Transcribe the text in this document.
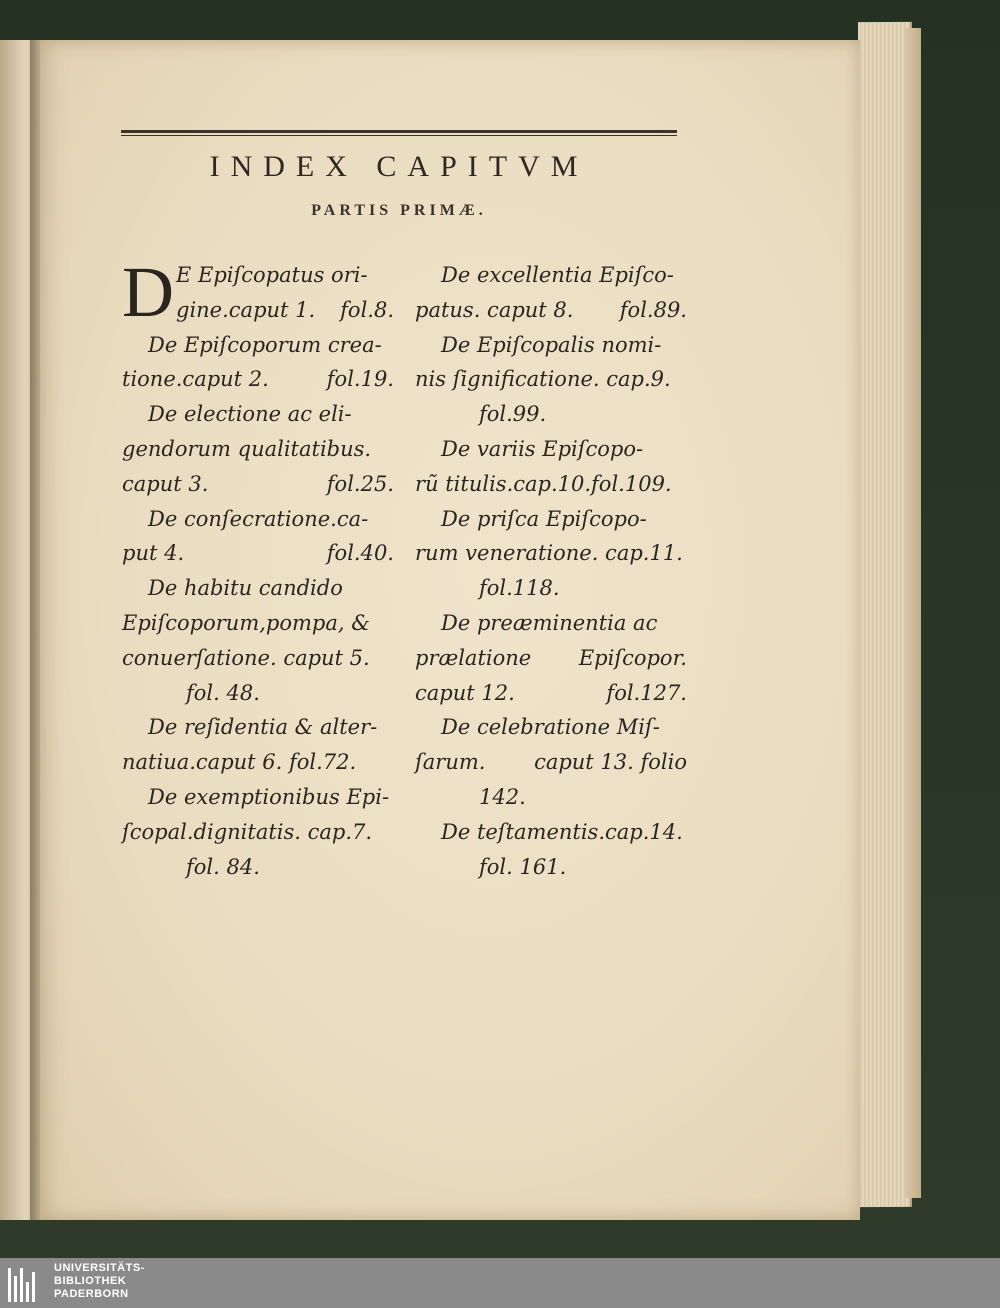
INDEX CAPITVM
PARTIS PRIMÆ.
D E Epiſcopatus ori-
gine.caput 1. fol.8.
De Epiſcoporum crea-
tione.caput 2.	fol.19.
De electione ac eli-
gendorum qualitatibus.
caput 3.	fol.25.
De conſecratione.ca-
put 4.	fol.40.
De habitu candido
Epiſcoporum,pompa, &
conuerſatione. caput 5.
fol. 48.
De reſidentia & alter-
natiua.caput 6. fol.72.
De exemptionibus Epi-
ſcopal.dignitatis. cap.7.
fol. 84.
De excellentia Epiſco-
patus. caput 8. fol.89.
De Epiſcopalis nomi-
nis ſignificatione. cap.9.
fol.99.
De variis Epiſcopo-
rũ titulis.cap.10.fol.109.
De priſca Epiſcopo-
rum veneratione. cap.11.
fol.118.
De preæminentia ac
prælatione Epiſcopor.
caput 12.	fol.127.
De celebratione Miſ-
ſarum. caput 13. folio
142.
De teſtamentis.cap.14.
fol. 161.
UNIVERSITÄTS-
BIBLIOTHEK
PADERBORN
